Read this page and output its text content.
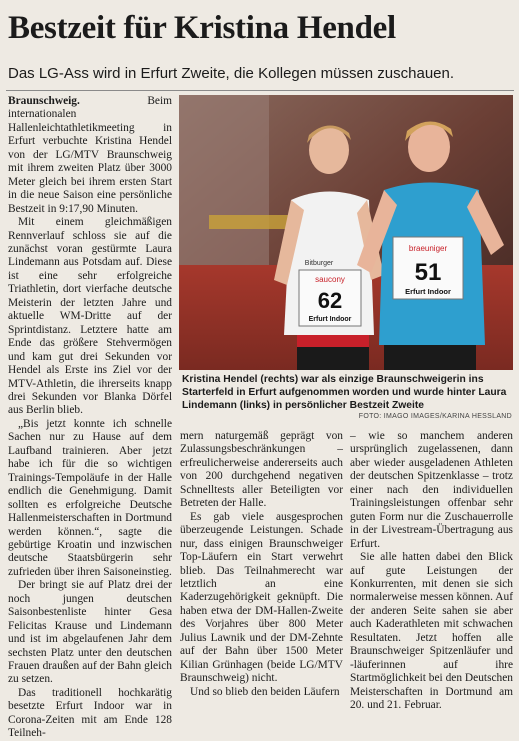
Bestzeit für Kristina Hendel
Das LG-Ass wird in Erfurt Zweite, die Kollegen müssen zuschauen.

Braunschweig. Beim internationalen Hallenleichtathletikmeeting in Erfurt verbuchte Kristina Hendel von der LG/MTV Braunschweig mit ihrem zweiten Platz über 3000 Meter gleich bei ihrem ersten Start in die neue Saison eine persönliche Bestzeit in 9:17,90 Minuten.

Mit einem gleichmäßigen Rennverlauf schloss sie auf die zunächst voran gestürmte Laura Lindemann aus Potsdam auf. Diese ist eine sehr erfolgreiche Triathletin, dort vierfache deutsche Meisterin der letzten Jahre und aktuelle WM-Dritte auf der Sprintdistanz. Letztere hatte am Ende das größere Stehvermögen und kam gut drei Sekunden vor Hendel als Erste ins Ziel vor der MTV-Athletin, die ihrerseits knapp drei Sekunden vor Blanka Dörfel aus Berlin blieb.

„Bis jetzt konnte ich schnelle Sachen nur zu Hause auf dem Laufband trainieren. Aber jetzt habe ich für die so wichtigen Trainings-Tempoläufe in der Halle endlich die Genehmigung. Damit sollten es erfolgreiche Deutsche Hallenmeisterschaften in Dortmund werden können.“, sagte die gebürtige Kroatin und inzwischen deutsche Staatsbürgerin sehr zufrieden über ihren Saisoneinstieg.

Der bringt sie auf Platz drei der noch jungen deutschen Saisonbestenliste hinter Gesa Felicitas Krause und Lindemann und ist im abgelaufenen Jahr dem sechsten Platz unter den deutschen Frauen draußen auf der Bahn gleich zu setzen.

Das traditionell hochkarätig besetzte Erfurt Indoor war in Corona-Zeiten mit am Ende 128 Teilneh-

saucony
62
Erfurt Indoor
Bitburger
braeuniger
51
Erfurt Indoor
Kristina Hendel (rechts) war als einzige Braunschweigerin ins Starterfeld in Erfurt aufgenommen worden und wurde hinter Laura Lindemann (links) in persönlicher Bestzeit Zweite
FOTO: IMAGO IMAGES/KARINA HESSLAND

mern naturgemäß geprägt von Zulassungsbeschränkungen – erfreulicherweise andererseits auch von 200 durchgehend negativen Schnelltests aller Beteiligten vor Betreten der Halle.

Es gab viele ausgesprochen überzeugende Leistungen. Schade nur, dass einigen Braunschweiger Top-Läufern ein Start verwehrt blieb. Das Teilnahmerecht war letztlich an eine Kaderzugehörigkeit geknüpft. Die haben etwa der DM-Hallen-Zweite des Vorjahres über 800 Meter Julius Lawnik und der DM-Zehnte auf der Bahn über 1500 Meter Kilian Grünhagen (beide LG/MTV Braunschweig) nicht.

Und so blieb den beiden Läufern

– wie so manchem anderen ursprünglich zugelassenen, dann aber wieder ausgeladenen Athleten der deutschen Spitzenklasse – trotz einer nach den individuellen Trainingsleistungen offenbar sehr guten Form nur die Zuschauerrolle in der Livestream-Übertragung aus Erfurt.

Sie alle hatten dabei den Blick auf gute Leistungen der Konkurrenten, mit denen sie sich normalerweise messen können. Auf der anderen Seite sahen sie aber auch Kaderathleten mit schwachen Resultaten. Jetzt hoffen alle Braunschweiger Spitzenläufer und -läuferinnen auf ihre Startmöglichkeit bei den Deutschen Meisterschaften in Dortmund am 20. und 21. Februar.
